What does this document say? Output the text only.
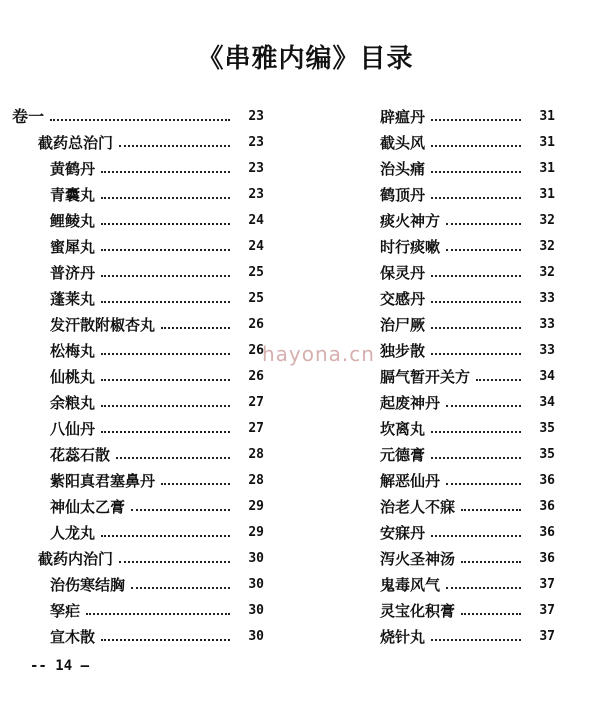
《串雅内编》目录
卷一	23
截药总治门	23
黄鹤丹	23
青囊丸	23
鲤鲮丸	24
蜜犀丸	24
普济丹	25
蓬莱丸	25
发汗散附椒杏丸	26
松梅丸	26
仙桃丸	26
余粮丸	27
八仙丹	27
花蕊石散	28
紫阳真君塞鼻丹	28
神仙太乙膏	29
人龙丸	29
截药内治门	30
治伤寒结胸	30
孥疟	30
宣木散	30
辟瘟丹	31
截头风	31
治头痛	31
鹤顶丹	31
痰火神方	32
时行痰嗽	32
保灵丹	32
交感丹	33
治尸厥	33
独步散	33
膈气暂开关方	34
起废神丹	34
坎离丸	35
元德膏	35
解恶仙丹	36
治老人不寐	36
安寐丹	36
泻火圣神汤	36
鬼毒风气	37
灵宝化积膏	37
烧针丸	37
hayona.cn
-- 14 —
